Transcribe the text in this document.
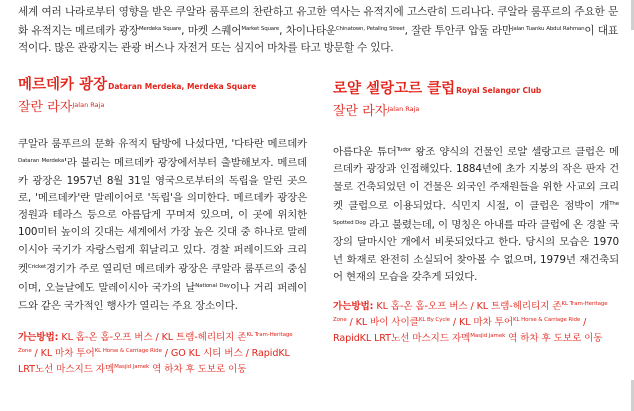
세계 여러 나라로부터 영향을 받은 쿠알라 룸푸르의 찬란하고 유고한 역사는 유적지에 고스란히 드리나다. 쿠알라 룸푸르의 주요한 문화 유적지는 메르데카 광장$^{Merdeka Square}$, 마켓 스퀘어$^{Market Square}$, 차이나타운$^{Chinatown, Petaling Street}$, 잘란 투안쿠 압둘 라만$^{Jalan Tuanku Abdul Rahman}$이 대표적이다. 많은 관광지는 관광 버스나 자전거 또는 심지어 마차를 타고 방문할 수 있다.

메르데카 광장Dataran Merdeka, Merdeka Square
잘란 라자$^{Jalan Raja}$

쿠알라 룸푸르의 문화 유적지 탐방에 나섰다면, '다타란 메르데카$^{Dataran Merdeka}$'라 불리는 메르데카 광장에서부터 출발해보자. 메르데카 광장은 1957년 8월 31일 영국으로부터의 독립을 알린 곳으로, '메르데카'란 말레이어로 '독립'을 의미한다. 메르데카 광장은 정원과 테라스 등으로 아름답게 꾸며져 있으며, 이 곳에 위치한 100미터 높이의 깃대는 세계에서 가장 높은 깃대 중 하나로 말레이시아 국기가 자랑스럽게 휘날리고 있다. 경찰 퍼레이드와 크리켓$^{Cricket}$경기가 주로 열리던 메르데카 광장은 쿠알라 룸푸르의 중심이며, 오늘날에도 말레이시아 국가의 날$^{National Day}$이나 거리 퍼레이드와 같은 국가적인 행사가 열리는 주요 장소이다.

가는방법: KL 홉-온 홉-오프 버스 / KL 트램-헤리티지 존$^{KL Tram-Heritage Zone}$ / KL 마차 투어$^{KL Horse \& Carriage Ride}$ / GO KL 시티 버스 / RapidKL LRT노선 마스지드 자멕$^{Masjid Jamek}$ 역 하차 후 도보로 이동

로얄 셀랑고르 클럽Royal Selangor Club
잘란 라자$^{Jalan Raja}$

아름다운 튜더$^{Tudor}$ 왕조 양식의 건물인 로얄 셀랑고르 클럽은 메르데카 광장과 인접해있다. 1884년에 초가 지붕의 작은 판자 건물로 건축되었던 이 건물은 외국인 주재원들을 위한 사교외 크리켓 클럽으로 이용되었다. 식민지 시절, 이 클럽은 점박이 개$^{The Spotted Dog}$ 라고 불렸는데, 이 명칭은 아내를 따라 클럽에 온 경찰 국장의 달마시안 개에서 비롯되었다고 한다. 당시의 모습은 1970년 화재로 완전히 소실되어 찾아볼 수 없으며, 1979년 재건축되어 현재의 모습을 갖추게 되었다.

가는방법: KL 홉-온 홉-오프 버스 / KL 트램-헤리티지 존$^{KL Tram-Heritage Zone}$ / KL 바이 사이클$^{KL By Cycle}$ / KL 마차 투어$^{KL Horse \& Carriage Ride}$ / RapidKL LRT노선 마스지드 자멕$^{Masjid Jamek}$ 역 하차 후 도보로 이동
